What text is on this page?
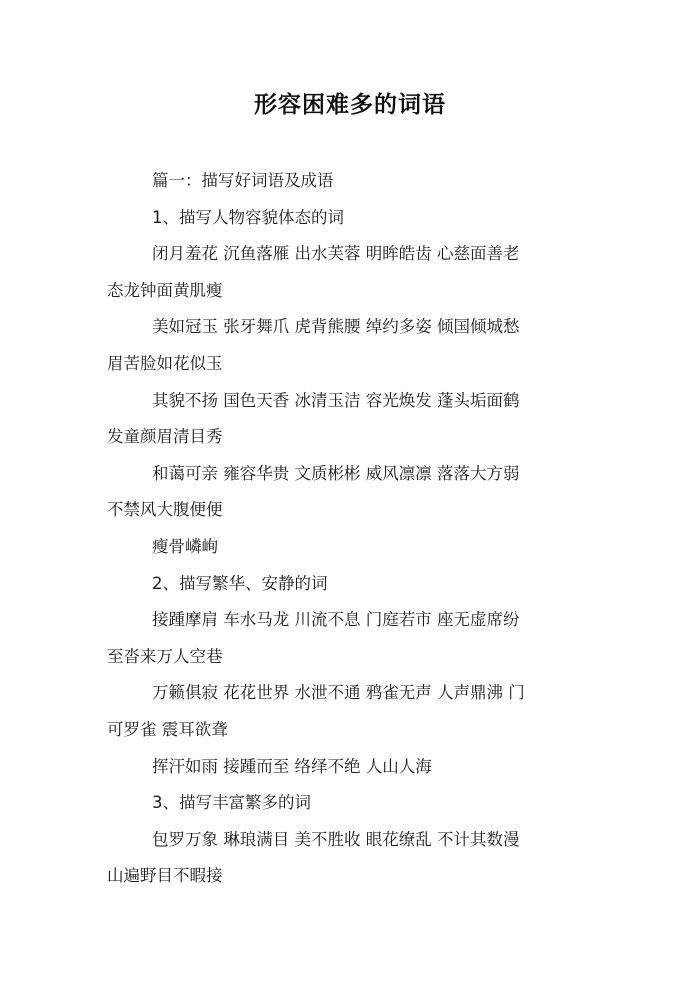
形容困难多的词语
篇一：描写好词语及成语
1、描写人物容貌体态的词
闭月羞花 沉鱼落雁 出水芙蓉 明眸皓齿 心慈面善老
态龙钟面黄肌瘦
美如冠玉 张牙舞爪 虎背熊腰 绰约多姿 倾国倾城愁
眉苦脸如花似玉
其貌不扬 国色天香 冰清玉洁 容光焕发 蓬头垢面鹤
发童颜眉清目秀
和蔼可亲 雍容华贵 文质彬彬 威风凛凛 落落大方弱
不禁风大腹便便
瘦骨嶙峋
2、描写繁华、安静的词
接踵摩肩 车水马龙 川流不息 门庭若市 座无虚席纷
至沓来万人空巷
万籁俱寂 花花世界 水泄不通 鸦雀无声 人声鼎沸 门
可罗雀 震耳欲聋
挥汗如雨 接踵而至 络绎不绝 人山人海
3、描写丰富繁多的词
包罗万象 琳琅满目 美不胜收 眼花缭乱 不计其数漫
山遍野目不暇接
